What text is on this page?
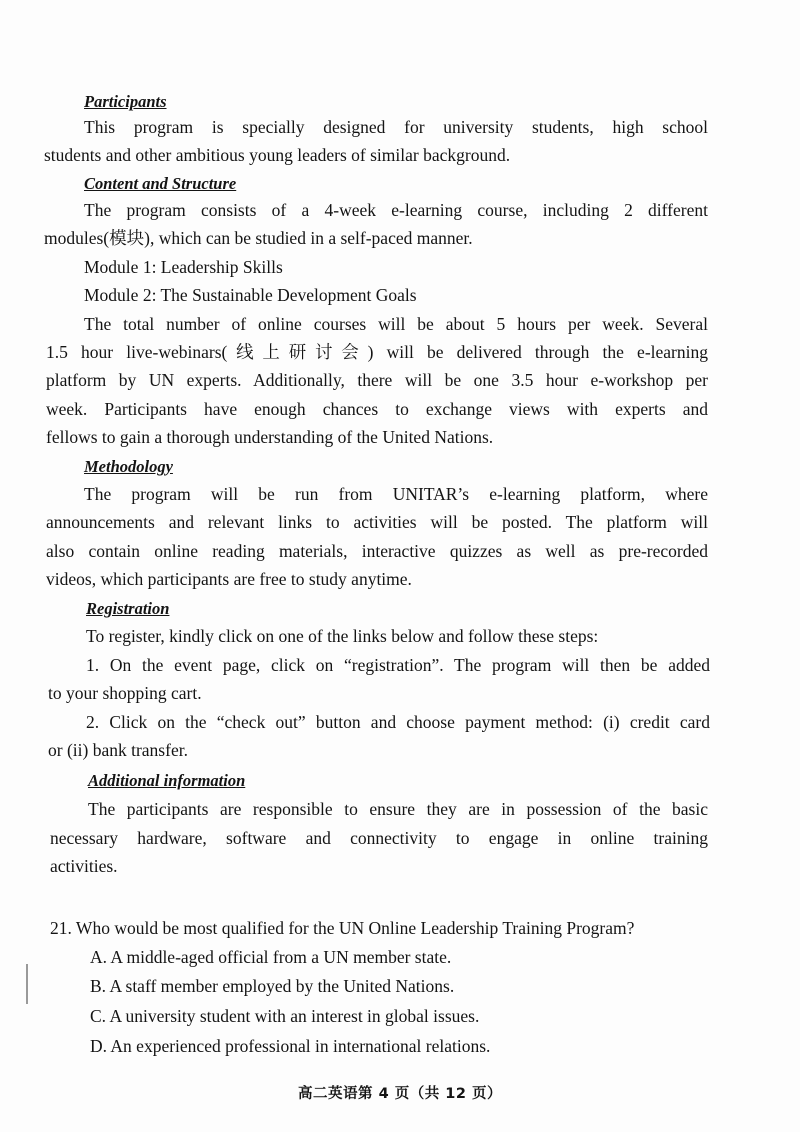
Participants
This program is specially designed for university students, high school
students and other ambitious young leaders of similar background.
Content and Structure
The program consists of a 4-week e-learning course, including 2 different
modules(模块), which can be studied in a self-paced manner.
Module 1: Leadership Skills
Module 2: The Sustainable Development Goals
The total number of online courses will be about 5 hours per week. Several
1.5 hour live-webinars(线上研讨会) will be delivered through the e-learning
platform by UN experts. Additionally, there will be one 3.5 hour e-workshop per
week. Participants have enough chances to exchange views with experts and
fellows to gain a thorough understanding of the United Nations.
Methodology
The program will be run from UNITAR’s e-learning platform, where
announcements and relevant links to activities will be posted. The platform will
also contain online reading materials, interactive quizzes as well as pre-recorded
videos, which participants are free to study anytime.
Registration
To register, kindly click on one of the links below and follow these steps:
1. On the event page, click on “registration”. The program will then be added
to your shopping cart.
2. Click on the “check out” button and choose payment method: (i) credit card
or (ii) bank transfer.
Additional information
The participants are responsible to ensure they are in possession of the basic
necessary hardware, software and connectivity to engage in online training
activities.
21. Who would be most qualified for the UN Online Leadership Training Program?
A. A middle-aged official from a UN member state.
B. A staff member employed by the United Nations.
C. A university student with an interest in global issues.
D. An experienced professional in international relations.
高二英语第 4 页（共 12 页）
